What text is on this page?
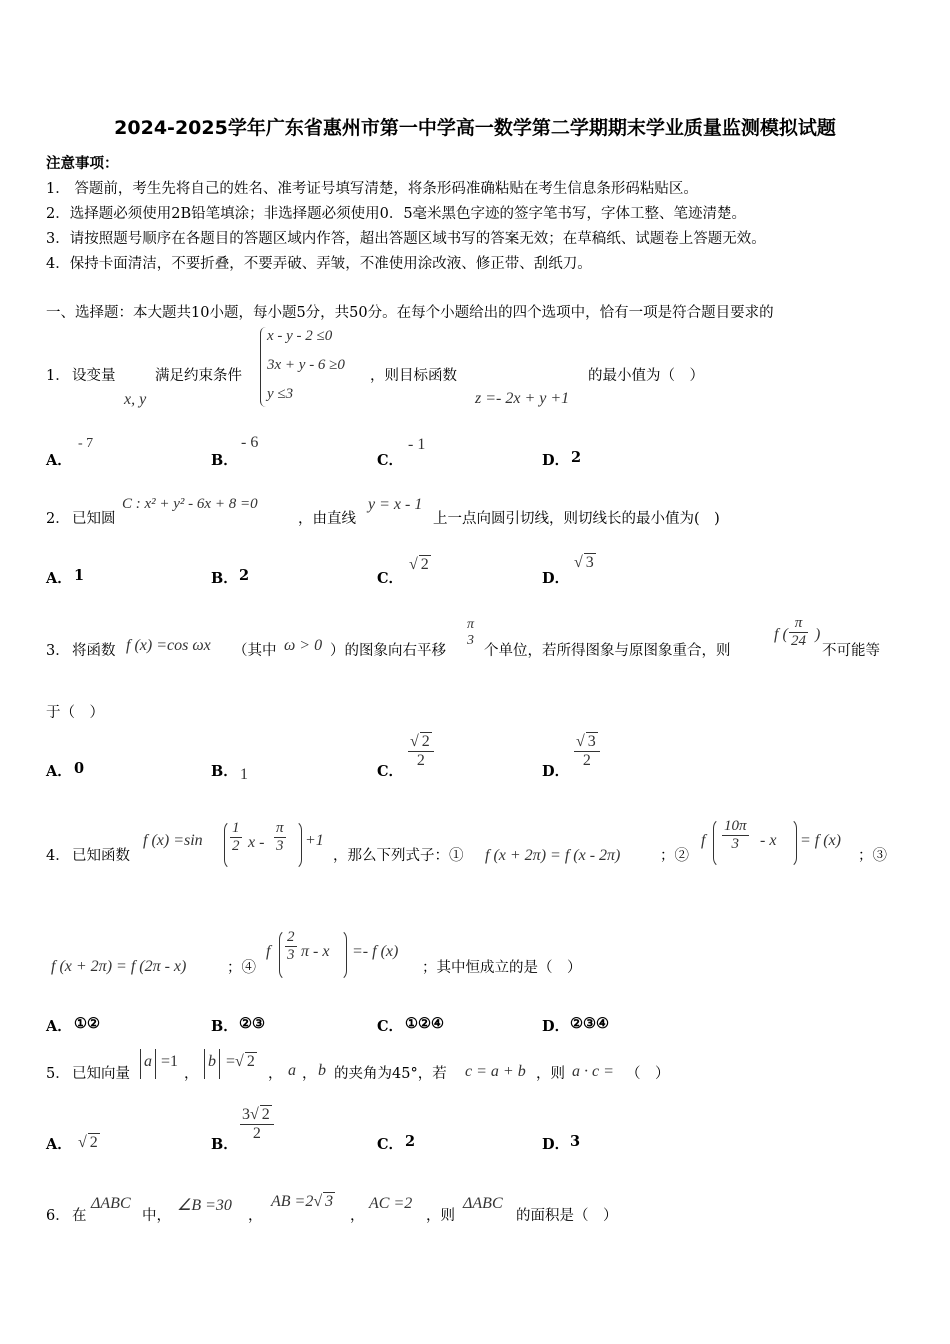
2024-2025学年广东省惠州市第一中学高一数学第二学期期末学业质量监测模拟试题
注意事项：
1． 答题前，考生先将自己的姓名、准考证号填写清楚，将条形码准确粘贴在考生信息条形码粘贴区。
2．选择题必须使用2B铅笔填涂；非选择题必须使用0．5毫米黑色字迹的签字笔书写，字体工整、笔迹清楚。
3．请按照题号顺序在各题目的答题区域内作答，超出答题区域书写的答案无效；在草稿纸、试题卷上答题无效。
4．保持卡面清洁，不要折叠，不要弄破、弄皱，不准使用涂改液、修正带、刮纸刀。
一、选择题：本大题共10小题，每小题5分，共50分。在每个小题给出的四个选项中，恰有一项是符合题目要求的
1． 设变量
x, y
满足约束条件
x - y - 2 ≤0
3x + y - 6 ≥0
y ≤3
，则目标函数
z =- 2x + y +1
的最小值为（　）
A．
- 7
B．
- 6
C．
- 1
D． 2
2． 已知圆
C : x² + y² - 6x + 8 =0
，由直线
y = x - 1
上一点向圆引切线，则切线长的最小值为(　)
A． 1	B． 2	C．
√ 2
D．
√ 3
3． 将函数 f (x) =cos ωx （其中 ω > 0 ）的图象向右平移
π
3
个单位，若所得图象与原图象重合，则
f ( $\frac{\pi}{24}$ )
不可能等
于（　）
A． 0	B． 1	C．
$\frac{√ 2}{2}$
D．
$\frac{√ 3}{2}$
4． 已知函数
f $(x) =\sin \frac{1}{2}$ $x - \frac{\pi}{3} +1$
，那么下列式子：① f (x + 2π) = f (x - 2π)	；②
f $\frac{10\pi}{3} - x = f$ (x)
；③
f (x + 2π) = f (2π - x)	；④
f $\frac{2}{3}$ π - x =- f (x)
；其中恒成立的是（　）
A． ①②	B． ②③	C． ①②④	D． ②③④
5． 已知向量
a =1
，
b =√ 2
， a ， b 的夹角为45°，若 c = a + b ，则 a · c = （　）
A． √ 2	B．
$\frac{3√ 2}{2}$
C． 2	D． 3
6． 在
ΔABC
中，
∠B =30
，
AB =2√ 3
，
AC =2
，则
ΔABC
的面积是（　）
